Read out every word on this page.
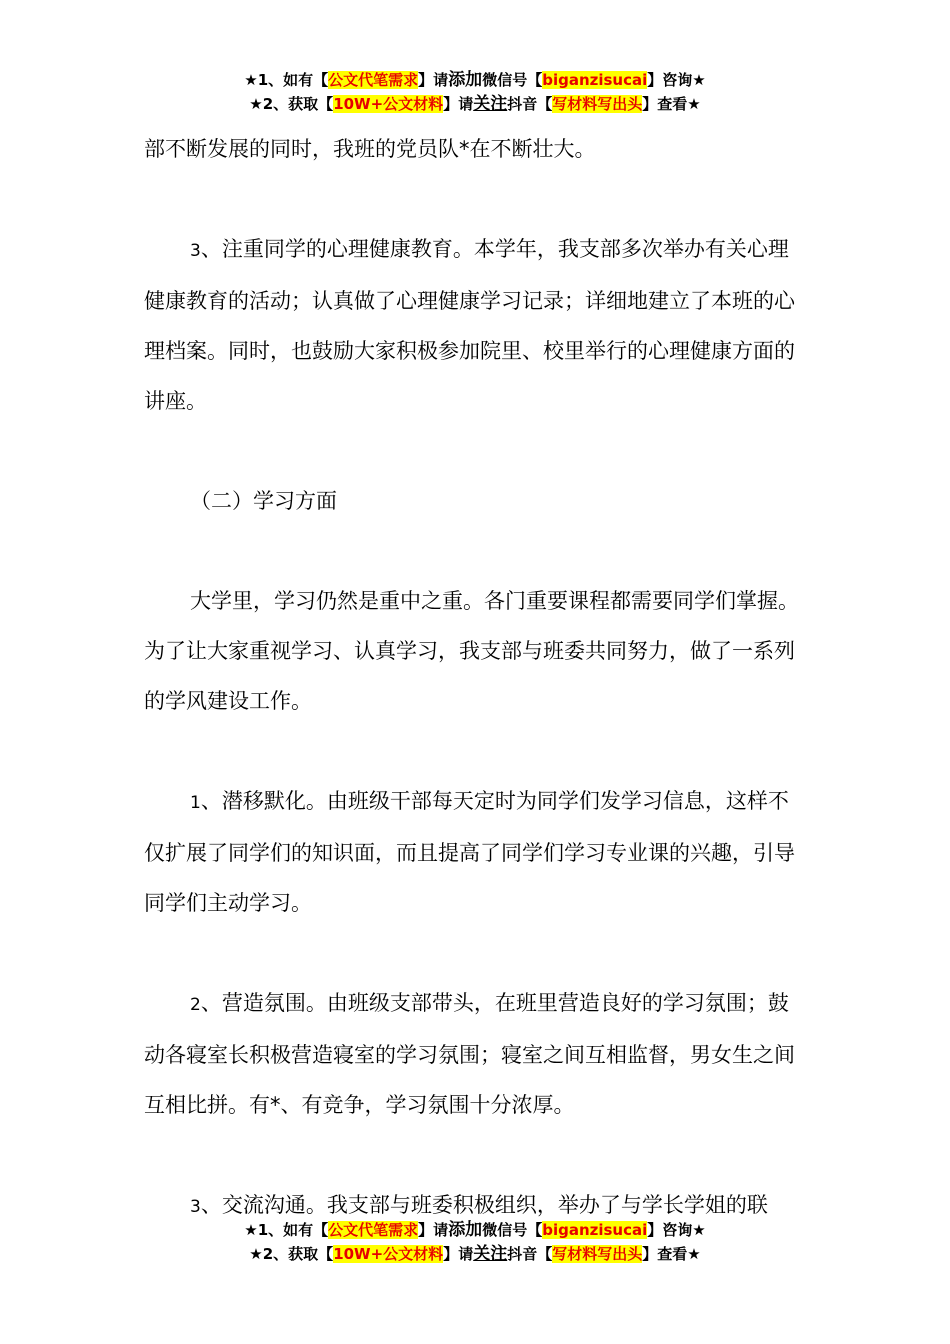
★1、如有【公文代笔需求】请添加微信号【biganzisucai】咨询★
★2、获取【10W+公文材料】请关注抖音【写材料写出头】查看★

部不断发展的同时，我班的党员队*在不断壮大。

3、注重同学的心理健康教育。本学年，我支部多次举办有关心理健康教育的活动；认真做了心理健康学习记录；详细地建立了本班的心理档案。同时，也鼓励大家积极参加院里、校里举行的心理健康方面的讲座。

（二）学习方面

大学里，学习仍然是重中之重。各门重要课程都需要同学们掌握。为了让大家重视学习、认真学习，我支部与班委共同努力，做了一系列的学风建设工作。

1、潜移默化。由班级干部每天定时为同学们发学习信息，这样不仅扩展了同学们的知识面，而且提高了同学们学习专业课的兴趣，引导同学们主动学习。

2、营造氛围。由班级支部带头，在班里营造良好的学习氛围；鼓动各寝室长积极营造寝室的学习氛围；寝室之间互相监督，男女生之间互相比拼。有*、有竞争，学习氛围十分浓厚。

3、交流沟通。我支部与班委积极组织，举办了与学长学姐的联

★1、如有【公文代笔需求】请添加微信号【biganzisucai】咨询★
★2、获取【10W+公文材料】请关注抖音【写材料写出头】查看★
